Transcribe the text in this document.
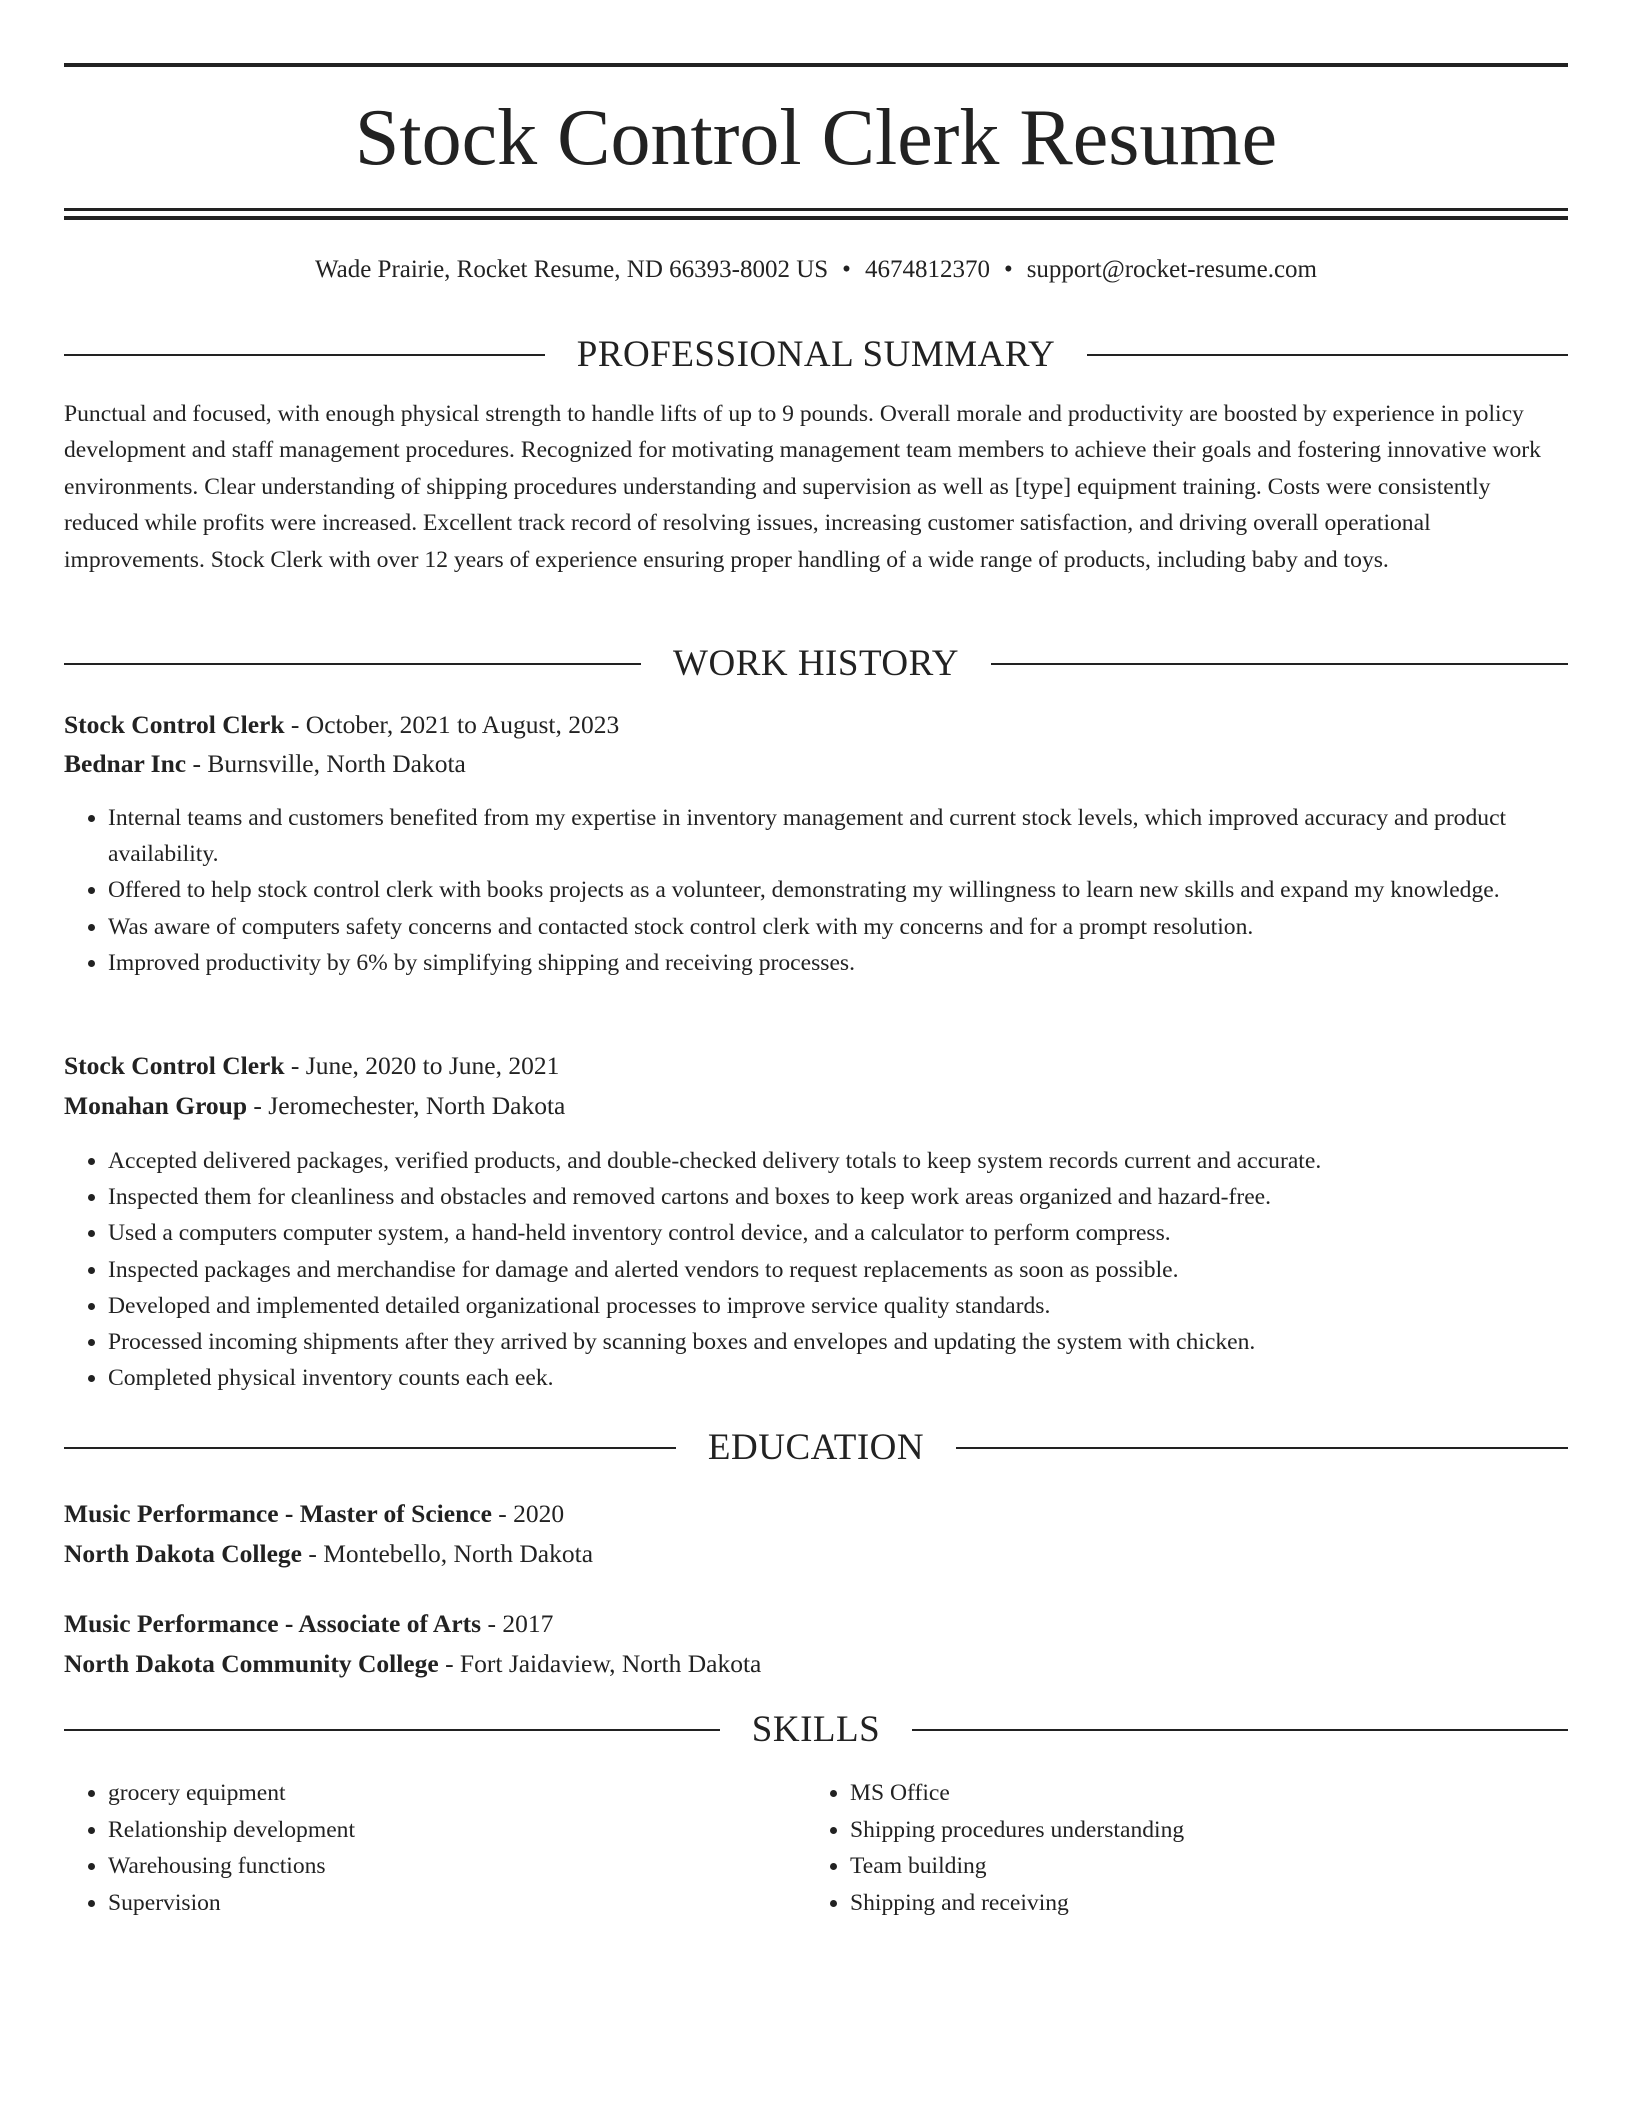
Stock Control Clerk Resume
Wade Prairie, Rocket Resume, ND 66393-8002 US • 4674812370 • support@rocket-resume.com
PROFESSIONAL SUMMARY

Punctual and focused, with enough physical strength to handle lifts of up to 9 pounds. Overall morale and productivity are boosted by experience in policy development and staff management procedures. Recognized for motivating management team members to achieve their goals and fostering innovative work environments. Clear understanding of shipping procedures understanding and supervision as well as [type] equipment training. Costs were consistently reduced while profits were increased. Excellent track record of resolving issues, increasing customer satisfaction, and driving overall operational improvements. Stock Clerk with over 12 years of experience ensuring proper handling of a wide range of products, including baby and toys.

WORK HISTORY
Stock Control Clerk - October, 2021 to August, 2023
Bednar Inc - Burnsville, North Dakota
• Internal teams and customers benefited from my expertise in inventory management and current stock levels, which improved accuracy and product availability.
• Offered to help stock control clerk with books projects as a volunteer, demonstrating my willingness to learn new skills and expand my knowledge.
• Was aware of computers safety concerns and contacted stock control clerk with my concerns and for a prompt resolution.
• Improved productivity by 6% by simplifying shipping and receiving processes.
Stock Control Clerk - June, 2020 to June, 2021
Monahan Group - Jeromechester, North Dakota
• Accepted delivered packages, verified products, and double-checked delivery totals to keep system records current and accurate.
• Inspected them for cleanliness and obstacles and removed cartons and boxes to keep work areas organized and hazard-free.
• Used a computers computer system, a hand-held inventory control device, and a calculator to perform compress.
• Inspected packages and merchandise for damage and alerted vendors to request replacements as soon as possible.
• Developed and implemented detailed organizational processes to improve service quality standards.
• Processed incoming shipments after they arrived by scanning boxes and envelopes and updating the system with chicken.
• Completed physical inventory counts each eek.
EDUCATION
Music Performance - Master of Science - 2020
North Dakota College - Montebello, North Dakota
Music Performance - Associate of Arts - 2017
North Dakota Community College - Fort Jaidaview, North Dakota
SKILLS
• grocery equipment
• Relationship development
• Warehousing functions
• Supervision
• MS Office
• Shipping procedures understanding
• Team building
• Shipping and receiving
